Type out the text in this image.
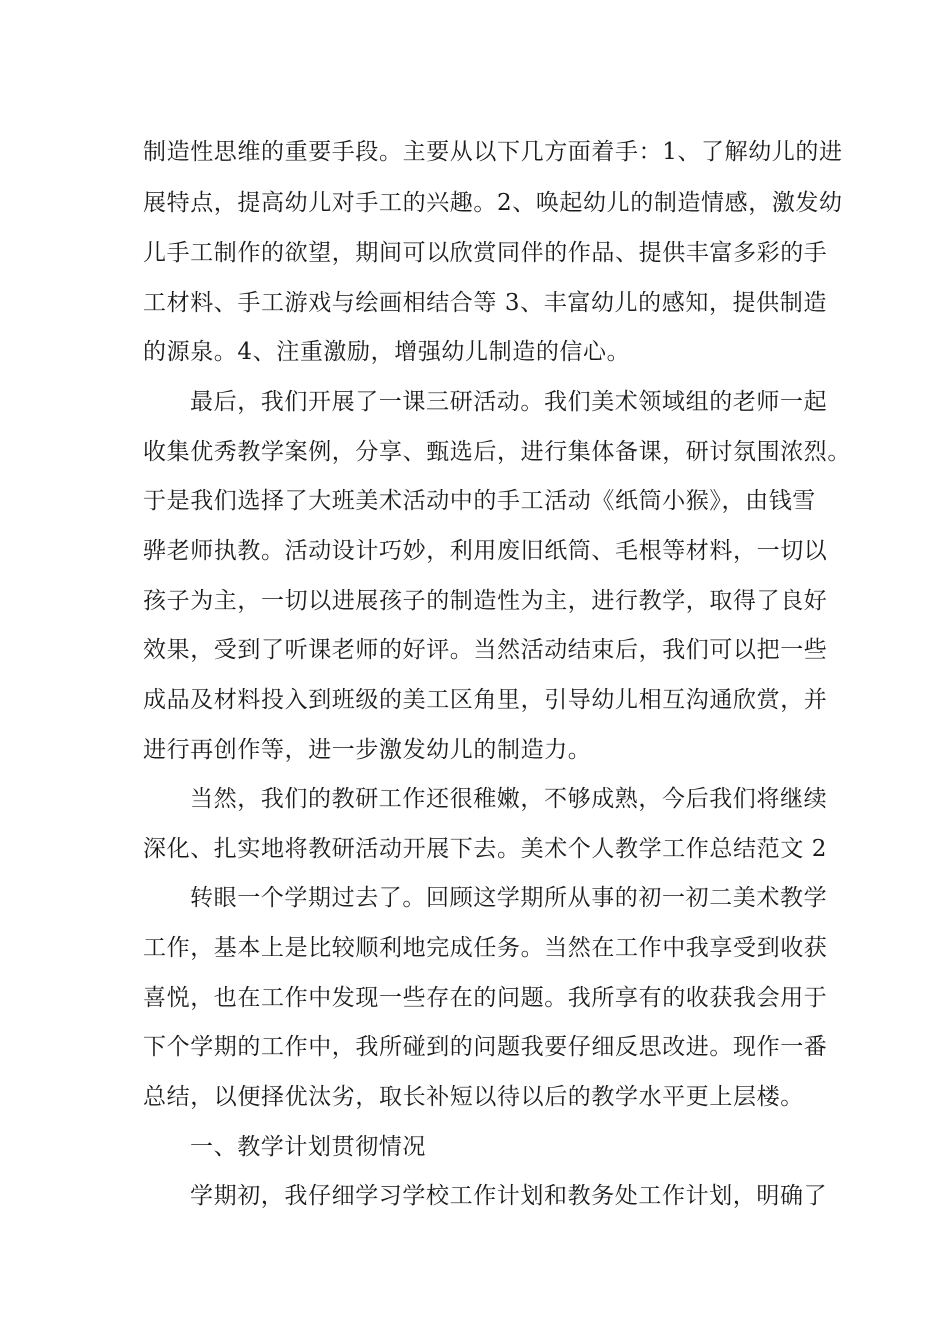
制造性思维的重要手段。主要从以下几方面着手：1、了解幼儿的进
展特点，提高幼儿对手工的兴趣。2、唤起幼儿的制造情感，激发幼
儿手工制作的欲望，期间可以欣赏同伴的作品、提供丰富多彩的手
工材料、手工游戏与绘画相结合等 3、丰富幼儿的感知，提供制造
的源泉。4、注重激励，增强幼儿制造的信心。
最后，我们开展了一课三研活动。我们美术领域组的老师一起
收集优秀教学案例，分享、甄选后，进行集体备课，研讨氛围浓烈。
于是我们选择了大班美术活动中的手工活动《纸筒小猴》，由钱雪
骅老师执教。活动设计巧妙，利用废旧纸筒、毛根等材料，一切以
孩子为主，一切以进展孩子的制造性为主，进行教学，取得了良好
效果，受到了听课老师的好评。当然活动结束后，我们可以把一些
成品及材料投入到班级的美工区角里，引导幼儿相互沟通欣赏，并
进行再创作等，进一步激发幼儿的制造力。
当然，我们的教研工作还很稚嫩，不够成熟，今后我们将继续
深化、扎实地将教研活动开展下去。美术个人教学工作总结范文 2
转眼一个学期过去了。回顾这学期所从事的初一初二美术教学
工作，基本上是比较顺利地完成任务。当然在工作中我享受到收获
喜悦，也在工作中发现一些存在的问题。我所享有的收获我会用于
下个学期的工作中，我所碰到的问题我要仔细反思改进。现作一番
总结，以便择优汰劣，取长补短以待以后的教学水平更上层楼。
一、教学计划贯彻情况
学期初，我仔细学习学校工作计划和教务处工作计划，明确了
